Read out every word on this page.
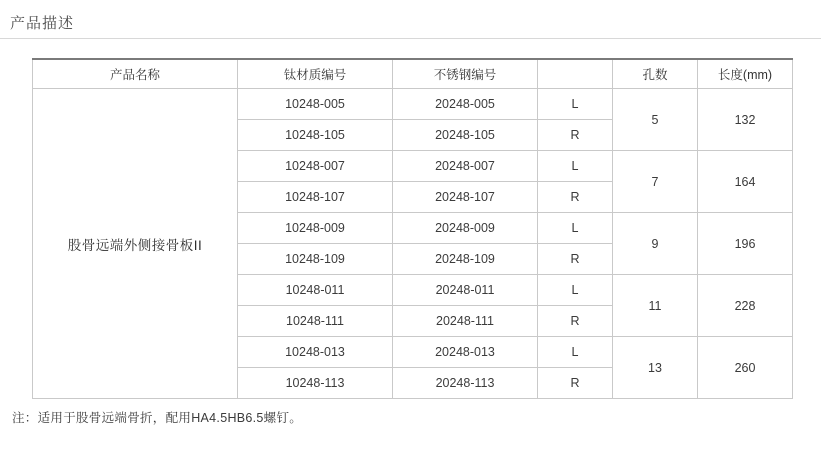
产品描述
产品名称	钛材质编号	不锈钢编号		孔数	长度(mm)
股骨远端外侧接骨板II	10248-005	20248-005	L	5	132
	10248-105	20248-105	R		
	10248-007	20248-007	L	7	164
	10248-107	20248-107	R		
	10248-009	20248-009	L	9	196
	10248-109	20248-109	R		
	10248-011	20248-011	L	11	228
	10248-111	20248-111	R		
	10248-013	20248-013	L	13	260
	10248-113	20248-113	R		
注：适用于股骨远端骨折，配用HA4.5HB6.5螺钉。
